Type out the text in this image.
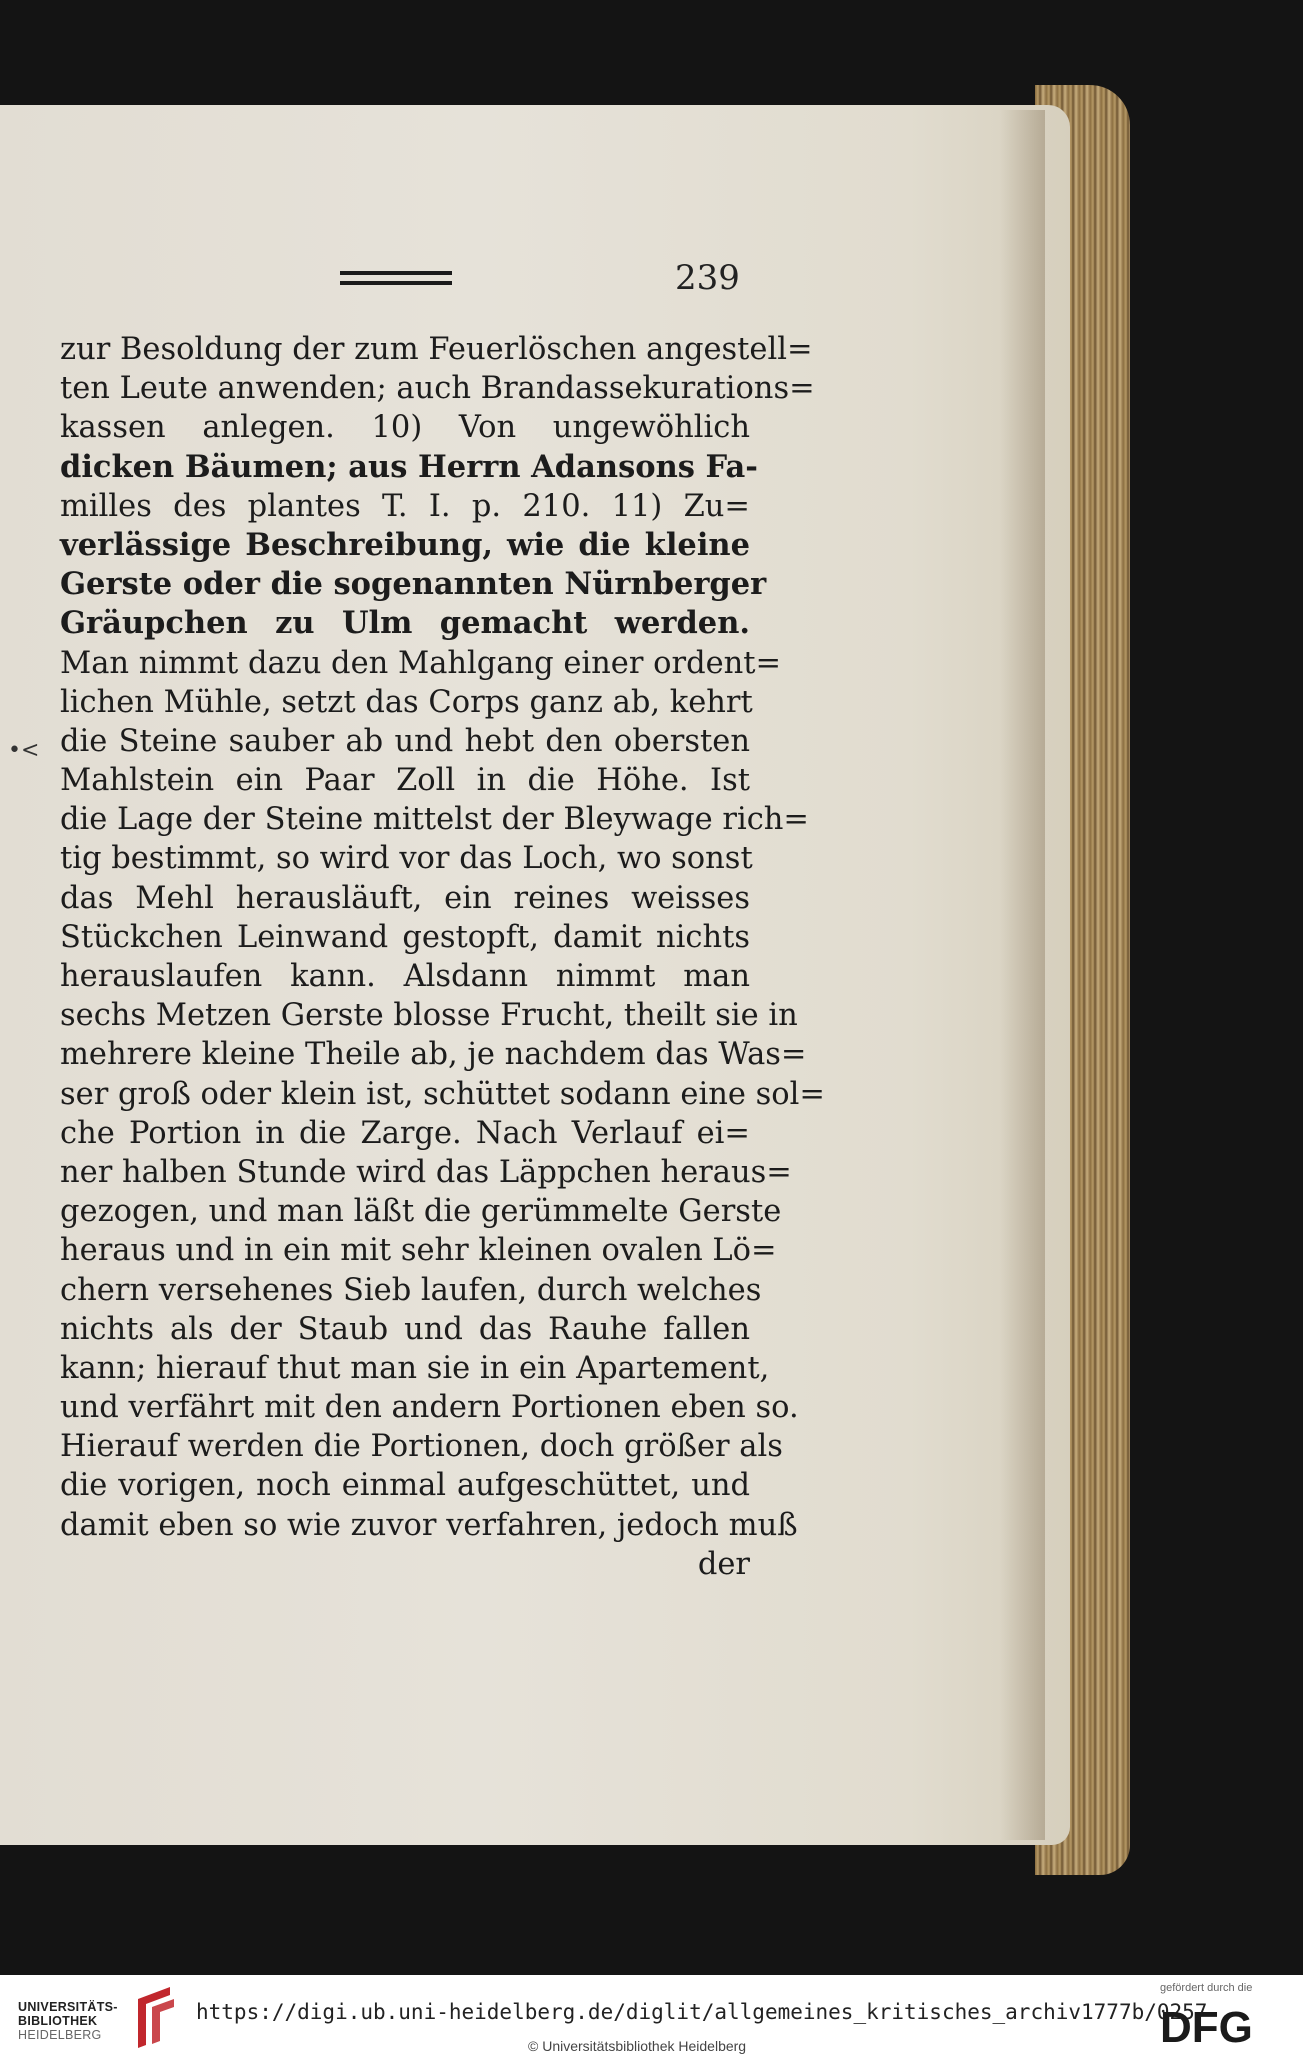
239
•<
zur Besoldung der zum Feuerlöschen angestell=
ten Leute anwenden; auch Brandassekurations=
kassen anlegen. 10) Von ungewöhlich
dicken Bäumen; aus Herrn Adansons Fa-
milles des plantes T. I. p. 210. 11) Zu=
verlässige Beschreibung, wie die kleine
Gerste oder die sogenannten Nürnberger
Gräupchen zu Ulm gemacht werden.
Man nimmt dazu den Mahlgang einer ordent=
lichen Mühle, setzt das Corps ganz ab, kehrt
die Steine sauber ab und hebt den obersten
Mahlstein ein Paar Zoll in die Höhe. Ist
die Lage der Steine mittelst der Bleywage rich=
tig bestimmt, so wird vor das Loch, wo sonst
das Mehl herausläuft, ein reines weisses
Stückchen Leinwand gestopft, damit nichts
herauslaufen kann. Alsdann nimmt man
sechs Metzen Gerste blosse Frucht, theilt sie in
mehrere kleine Theile ab, je nachdem das Was=
ser groß oder klein ist, schüttet sodann eine sol=
che Portion in die Zarge. Nach Verlauf ei=
ner halben Stunde wird das Läppchen heraus=
gezogen, und man läßt die gerümmelte Gerste
heraus und in ein mit sehr kleinen ovalen Lö=
chern versehenes Sieb laufen, durch welches
nichts als der Staub und das Rauhe fallen
kann; hierauf thut man sie in ein Apartement,
und verfährt mit den andern Portionen eben so.
Hierauf werden die Portionen, doch größer als
die vorigen, noch einmal aufgeschüttet, und
damit eben so wie zuvor verfahren, jedoch muß
der
UNIVERSITÄTS-
BIBLIOTHEK
HEIDELBERG
https://digi.ub.uni-heidelberg.de/diglit/allgemeines_kritisches_archiv1777b/0257
© Universitätsbibliothek Heidelberg
gefördert durch die
DFG
